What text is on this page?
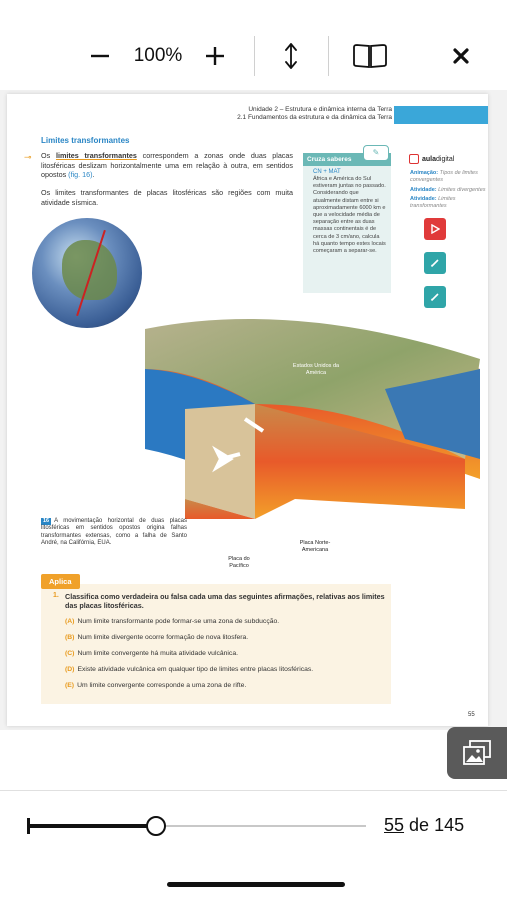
100%
Unidade 2 – Estrutura e dinâmica interna da Terra
2.1 Fundamentos da estrutura e da dinâmica da Terra
Limites transformantes
⊸ Os limites transformantes correspondem a zonas onde duas placas litosféricas deslizam horizontalmente uma em relação à outra, em sentidos opostos (fig. 16).
Os limites transformantes de placas litosféricas são regiões com muita atividade sísmica.
✎
Cruza saberes
CN + MAT
África e América do Sul estiveram juntas no passado. Considerando que atualmente distam entre si aproximadamente 6000 km e que a velocidade média de separação entre as duas massas continentais é de cerca de 3 cm/ano, calcula há quanto tempo estes locais começaram a separar-se.
auladigital
Animação: Tipos de limites convergentes
Atividade: Limites divergentes
Atividade: Limites transformantes
Estados Unidos da América
Placa do Pacífico
Placa Norte-Americana
16 A movimentação horizontal de duas placas litosféricas em sentidos opostos origina falhas transformantes extensas, como a falha de Santo André, na Califórnia, EUA.
Aplica
1. Classifica como verdadeira ou falsa cada uma das seguintes afirmações, relativas aos limites das placas litosféricas.
(A) Num limite transformante pode formar-se uma zona de subducção.
(B) Num limite divergente ocorre formação de nova litosfera.
(C) Num limite convergente há muita atividade vulcânica.
(D) Existe atividade vulcânica em qualquer tipo de limites entre placas litosféricas.
(E) Um limite convergente corresponde a uma zona de rifte.
55
55 de 145
